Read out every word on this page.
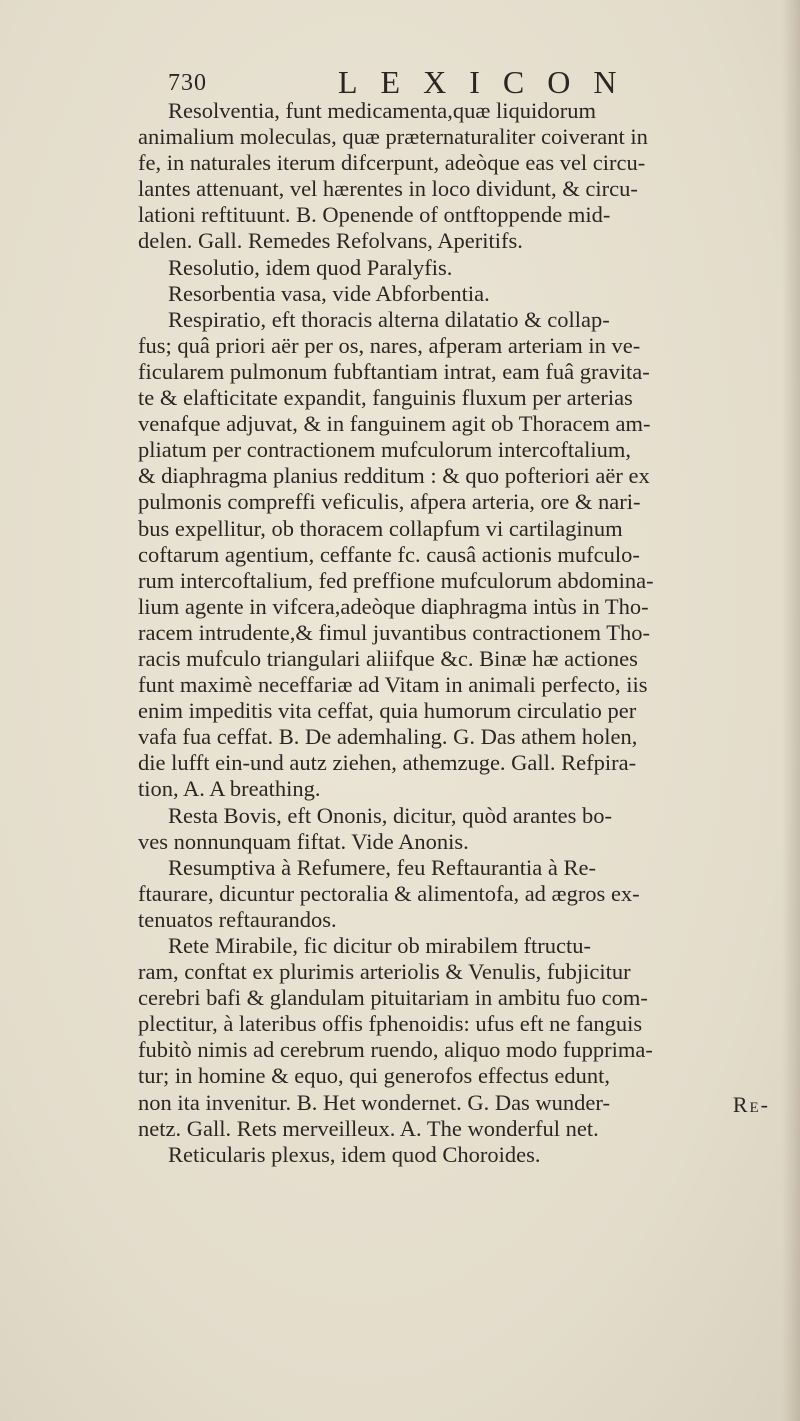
730	LEXICON

Resolventia, funt medicamenta,quæ liquidorum
animalium moleculas, quæ præternaturaliter coiverant in
fe, in naturales iterum difcerpunt, adeòque eas vel circu-
lantes attenuant, vel hærentes in loco dividunt, & circu-
lationi reftituunt. B. Openende of ontftoppende mid-
delen. Gall. Remedes Refolvans, Aperitifs.

Resolutio, idem quod Paralyfis.

Resorbentia vasa, vide Abforbentia.

Respiratio, eft thoracis alterna dilatatio & collap-
fus; quâ priori aër per os, nares, afperam arteriam in ve-
ficularem pulmonum fubftantiam intrat, eam fuâ gravita-
te & elafticitate expandit, fanguinis fluxum per arterias
venafque adjuvat, & in fanguinem agit ob Thoracem am-
pliatum per contractionem mufculorum intercoftalium,
& diaphragma planius redditum : & quo pofteriori aër ex
pulmonis compreffi veficulis, afpera arteria, ore & nari-
bus expellitur, ob thoracem collapfum vi cartilaginum
coftarum agentium, ceffante fc. causâ actionis mufculo-
rum intercoftalium, fed preffione mufculorum abdomina-
lium agente in vifcera,adeòque diaphragma intùs in Tho-
racem intrudente,& fimul juvantibus contractionem Tho-
racis mufculo triangulari aliifque &c. Binæ hæ actiones
funt maximè neceffariæ ad Vitam in animali perfecto, iis
enim impeditis vita ceffat, quia humorum circulatio per
vafa fua ceffat. B. De ademhaling. G. Das athem holen,
die lufft ein-und autz ziehen, athemzuge. Gall. Refpira-
tion, A. A breathing.

Resta Bovis, eft Ononis, dicitur, quòd arantes bo-
ves nonnunquam fiftat. Vide Anonis.

Resumptiva à Refumere, feu Reftaurantia à Re-
ftaurare, dicuntur pectoralia & alimentofa, ad ægros ex-
tenuatos reftaurandos.

Rete Mirabile, fic dicitur ob mirabilem ftructu-
ram, conftat ex plurimis arteriolis & Venulis, fubjicitur
cerebri bafi & glandulam pituitariam in ambitu fuo com-
plectitur, à lateribus offis fphenoidis: ufus eft ne fanguis
fubitò nimis ad cerebrum ruendo, aliquo modo fupprima-
tur; in homine & equo, qui generofos effectus edunt,
non ita invenitur. B. Het wondernet. G. Das wunder-
netz. Gall. Rets merveilleux. A. The wonderful net.

Reticularis plexus, idem quod Choroides.

Re-
